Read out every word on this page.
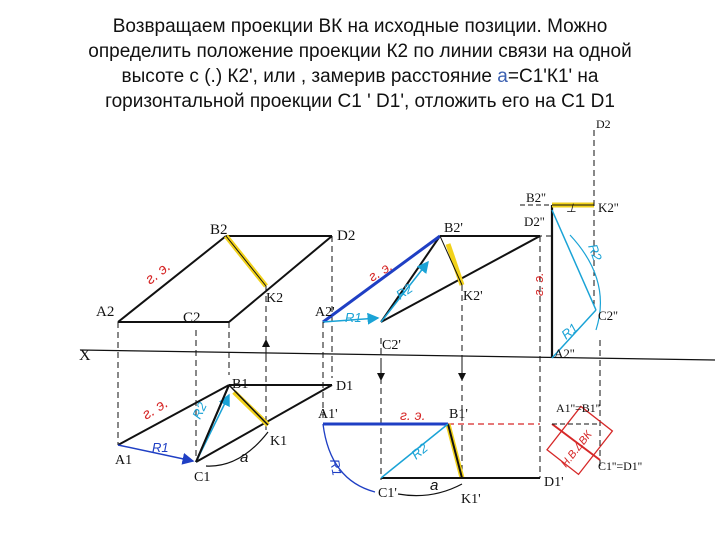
Возвращаем проекции ВК на исходные позиции. Можно

определить положение проекции К2 по линии связи на одной

высоте с (.) К2', или , замерив расстояние а=С1'К1' на

горизонтальной проекции С1 ' D1', отложить его на С1 D1

B2	D2
A2	C2
K2
X
B1	D1
A1
C1
K1
г. э.
г. э.
R1
R2
a
B2'
A2'
C2'
K2'
A1'	B1'
C1'	K1'
D1'
г. э.
г. э.
R2
R1
R1
R2
a
D2
B2''
D2''
K2''
C2''
A2''
A1''=B1''
C1''=D1''
⊥
г. э.
R2
R1
Н.В.ΔВК
